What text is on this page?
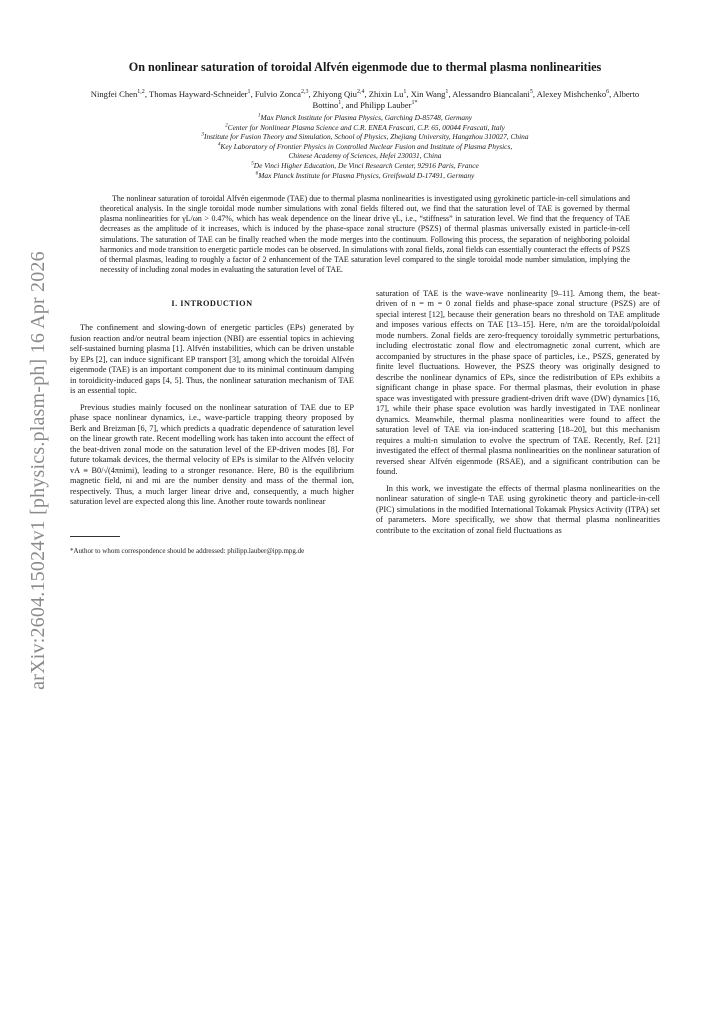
arXiv:2604.15024v1 [physics.plasm-ph] 16 Apr 2026
On nonlinear saturation of toroidal Alfvén eigenmode due to thermal plasma nonlinearities
Ningfei Chen$^{1,2}$, Thomas Hayward-Schneider$^1$, Fulvio Zonca$^{2,3}$, Zhiyong Qiu$^{2,4}$, Zhixin Lu$^1$, Xin Wang$^1$, Alessandro Biancalani$^5$, Alexey Mishchenko$^6$, Alberto Bottino$^1$, and Philipp Lauber$^{1*}$
$^1$Max Planck Institute for Plasma Physics, Garching D-85748, Germany
$^2$Center for Nonlinear Plasma Science and C.R. ENEA Frascati, C.P. 65, 00044 Frascati, Italy
$^3$Institute for Fusion Theory and Simulation, School of Physics, Zhejiang University, Hangzhou 310027, China
$^4$Key Laboratory of Frontier Physics in Controlled Nuclear Fusion and Institute of Plasma Physics,
Chinese Academy of Sciences, Hefei 230031, China
$^5$De Vinci Higher Education, De Vinci Research Center, 92916 Paris, France
$^6$Max Planck Institute for Plasma Physics, Greifswald D-17491, Germany
The nonlinear saturation of toroidal Alfvén eigenmode (TAE) due to thermal plasma nonlinearities is investigated using gyrokinetic particle-in-cell simulations and theoretical analysis. In the single toroidal mode number simulations with zonal fields filtered out, we find that the saturation level of TAE is governed by thermal plasma nonlinearities for γL/ωn > 0.47%, which has weak dependence on the linear drive γL, i.e., “stiffness” in saturation level. We find that the frequency of TAE decreases as the amplitude of it increases, which is induced by the phase-space zonal structure (PSZS) of thermal plasmas universally existed in particle-in-cell simulations. The saturation of TAE can be finally reached when the mode merges into the continuum. Following this process, the separation of neighboring poloidal harmonics and mode transition to energetic particle modes can be observed. In simulations with zonal fields, zonal fields can essentially counteract the effects of PSZS of thermal plasmas, leading to roughly a factor of 2 enhancement of the TAE saturation level compared to the single toroidal mode number simulation, implying the necessity of including zonal modes in evaluating the saturation level of TAE.
I. INTRODUCTION

The confinement and slowing-down of energetic particles (EPs) generated by fusion reaction and/or neutral beam injection (NBI) are essential topics in achieving self-sustained burning plasma [1]. Alfvén instabilities, which can be driven unstable by EPs [2], can induce significant EP transport [3], among which the toroidal Alfvén eigenmode (TAE) is an important component due to its minimal continuum damping in toroidicity-induced gaps [4, 5]. Thus, the nonlinear saturation mechanism of TAE is an essential topic.

Previous studies mainly focused on the nonlinear saturation of TAE due to EP phase space nonlinear dynamics, i.e., wave-particle trapping theory proposed by Berk and Breizman [6, 7], which predicts a quadratic dependence of saturation level on the linear growth rate. Recent modelling work has taken into account the effect of the beat-driven zonal mode on the saturation level of the EP-driven modes [8]. For future tokamak devices, the thermal velocity of EPs is similar to the Alfvén velocity vA ≡ B0/√(4πnimi), leading to a stronger resonance. Here, B0 is the equilibrium magnetic field, ni and mi are the number density and mass of the thermal ion, respectively. Thus, a much larger linear drive and, consequently, a much higher saturation level are expected along this line. Another route towards nonlinear

*Author to whom correspondence should be addressed: philipp.lauber@ipp.mpg.de

saturation of TAE is the wave-wave nonlinearity [9–11]. Among them, the beat-driven of n = m = 0 zonal fields and phase-space zonal structure (PSZS) are of special interest [12], because their generation bears no threshold on TAE amplitude and imposes various effects on TAE [13–15]. Here, n/m are the toroidal/poloidal mode numbers. Zonal fields are zero-frequency toroidally symmetric perturbations, including electrostatic zonal flow and electromagnetic zonal current, which are accompanied by structures in the phase space of particles, i.e., PSZS, generated by finite level fluctuations. However, the PSZS theory was originally designed to describe the nonlinear dynamics of EPs, since the redistribution of EPs exhibits a significant change in phase space. For thermal plasmas, their evolution in phase space was investigated with pressure gradient-driven drift wave (DW) dynamics [16, 17], while their phase space evolution was hardly investigated in TAE nonlinear dynamics. Meanwhile, thermal plasma nonlinearities were found to affect the saturation level of TAE via ion-induced scattering [18–20], but this mechanism requires a multi-n simulation to evolve the spectrum of TAE. Recently, Ref. [21] investigated the effect of thermal plasma nonlinearities on the nonlinear saturation of reversed shear Alfvén eigenmode (RSAE), and a significant contribution can be found.

In this work, we investigate the effects of thermal plasma nonlinearities on the nonlinear saturation of single-n TAE using gyrokinetic theory and particle-in-cell (PIC) simulations in the modified International Tokamak Physics Activity (ITPA) set of parameters. More specifically, we show that thermal plasma nonlinearities contribute to the excitation of zonal field fluctuations as
